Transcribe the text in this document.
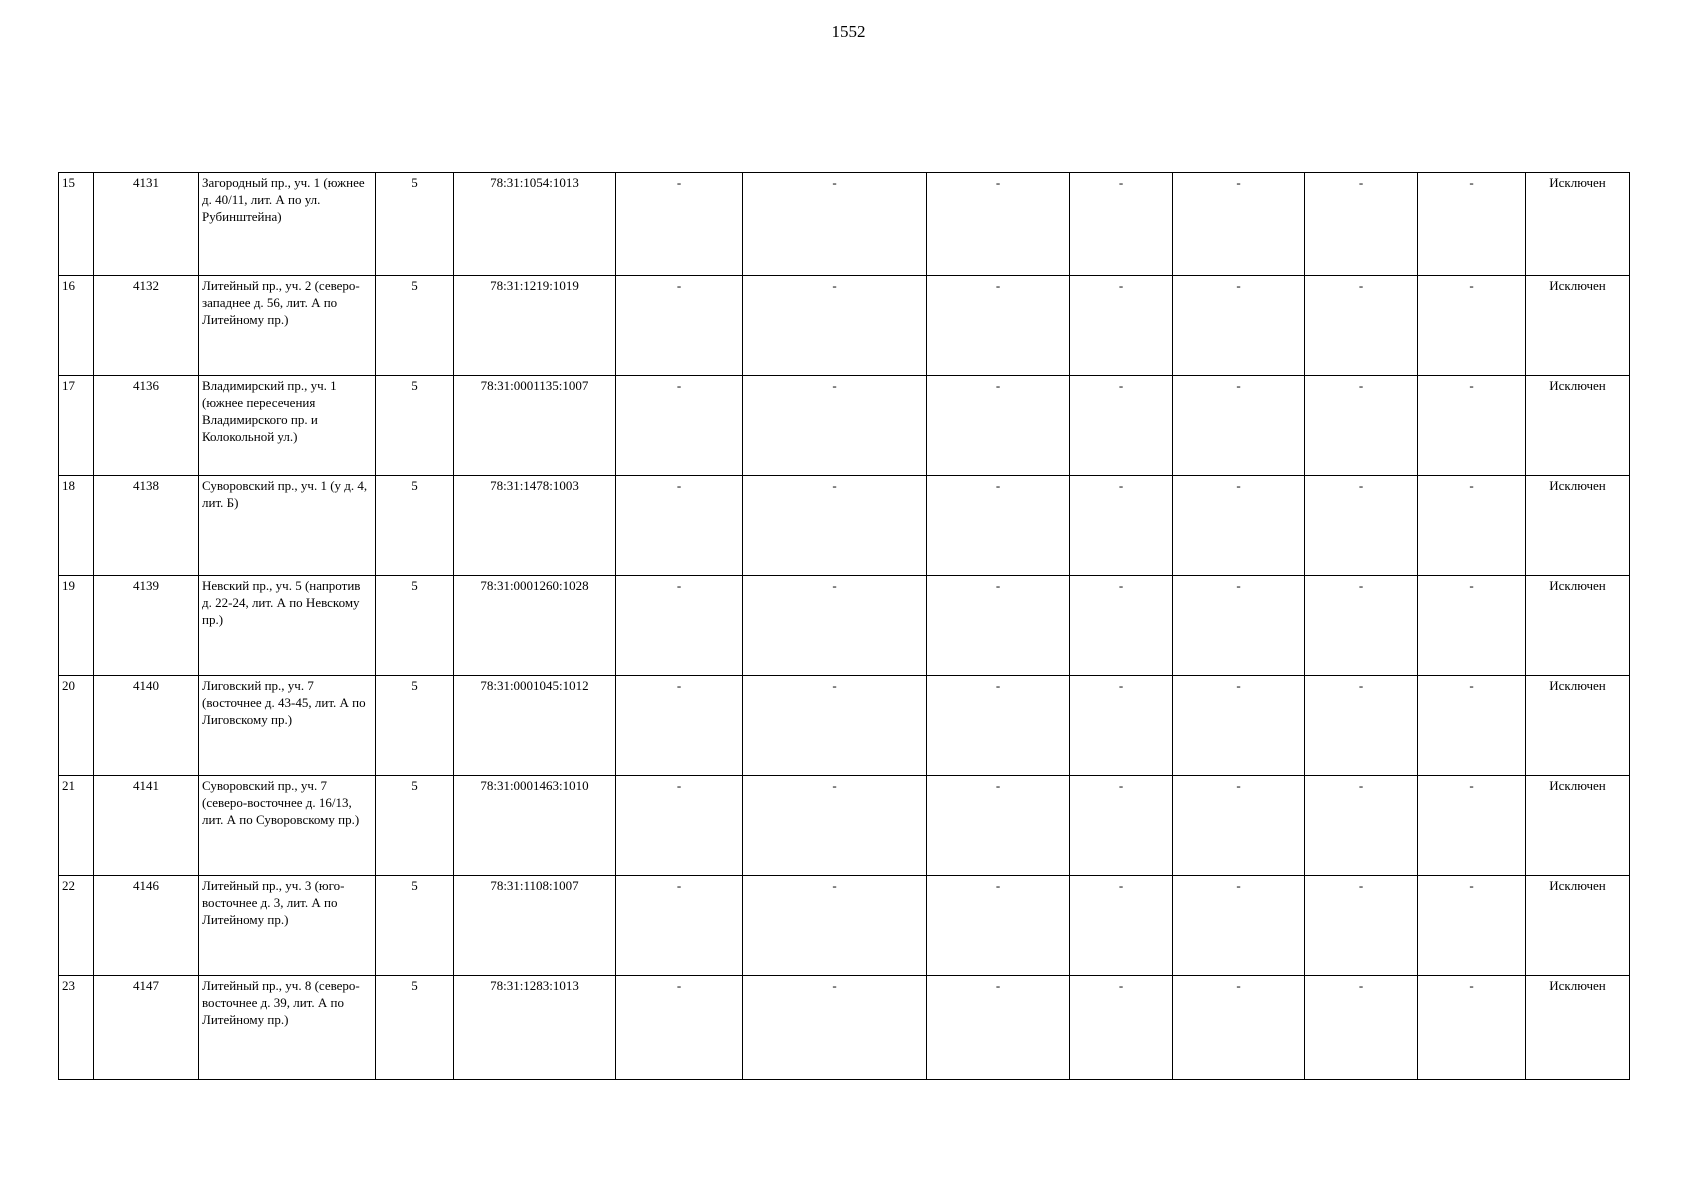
1552
15	4131	Загородный пр., уч. 1 (южнее д. 40/11, лит. А по ул. Рубинштейна)	5	78:31:1054:1013	-	-	-	-	-	-	-	Исключен
16	4132	Литейный пр., уч. 2 (северо-западнее д. 56, лит. А по Литейному пр.)	5	78:31:1219:1019	-	-	-	-	-	-	-	Исключен
17	4136	Владимирский пр., уч. 1 (южнее пересечения Владимирского пр. и Колокольной ул.)	5	78:31:0001135:1007	-	-	-	-	-	-	-	Исключен
18	4138	Суворовский пр., уч. 1 (у д. 4, лит. Б)	5	78:31:1478:1003	-	-	-	-	-	-	-	Исключен
19	4139	Невский пр., уч. 5 (напротив д. 22-24, лит. А по Невскому пр.)	5	78:31:0001260:1028	-	-	-	-	-	-	-	Исключен
20	4140	Лиговский пр., уч. 7 (восточнее д. 43-45, лит. А по Лиговскому пр.)	5	78:31:0001045:1012	-	-	-	-	-	-	-	Исключен
21	4141	Суворовский пр., уч. 7 (северо-восточнее д. 16/13, лит. А по Суворовскому пр.)	5	78:31:0001463:1010	-	-	-	-	-	-	-	Исключен
22	4146	Литейный пр., уч. 3 (юго-восточнее д. 3, лит. А по Литейному пр.)	5	78:31:1108:1007	-	-	-	-	-	-	-	Исключен
23	4147	Литейный пр., уч. 8 (северо-восточнее д. 39, лит. А по Литейному пр.)	5	78:31:1283:1013	-	-	-	-	-	-	-	Исключен
